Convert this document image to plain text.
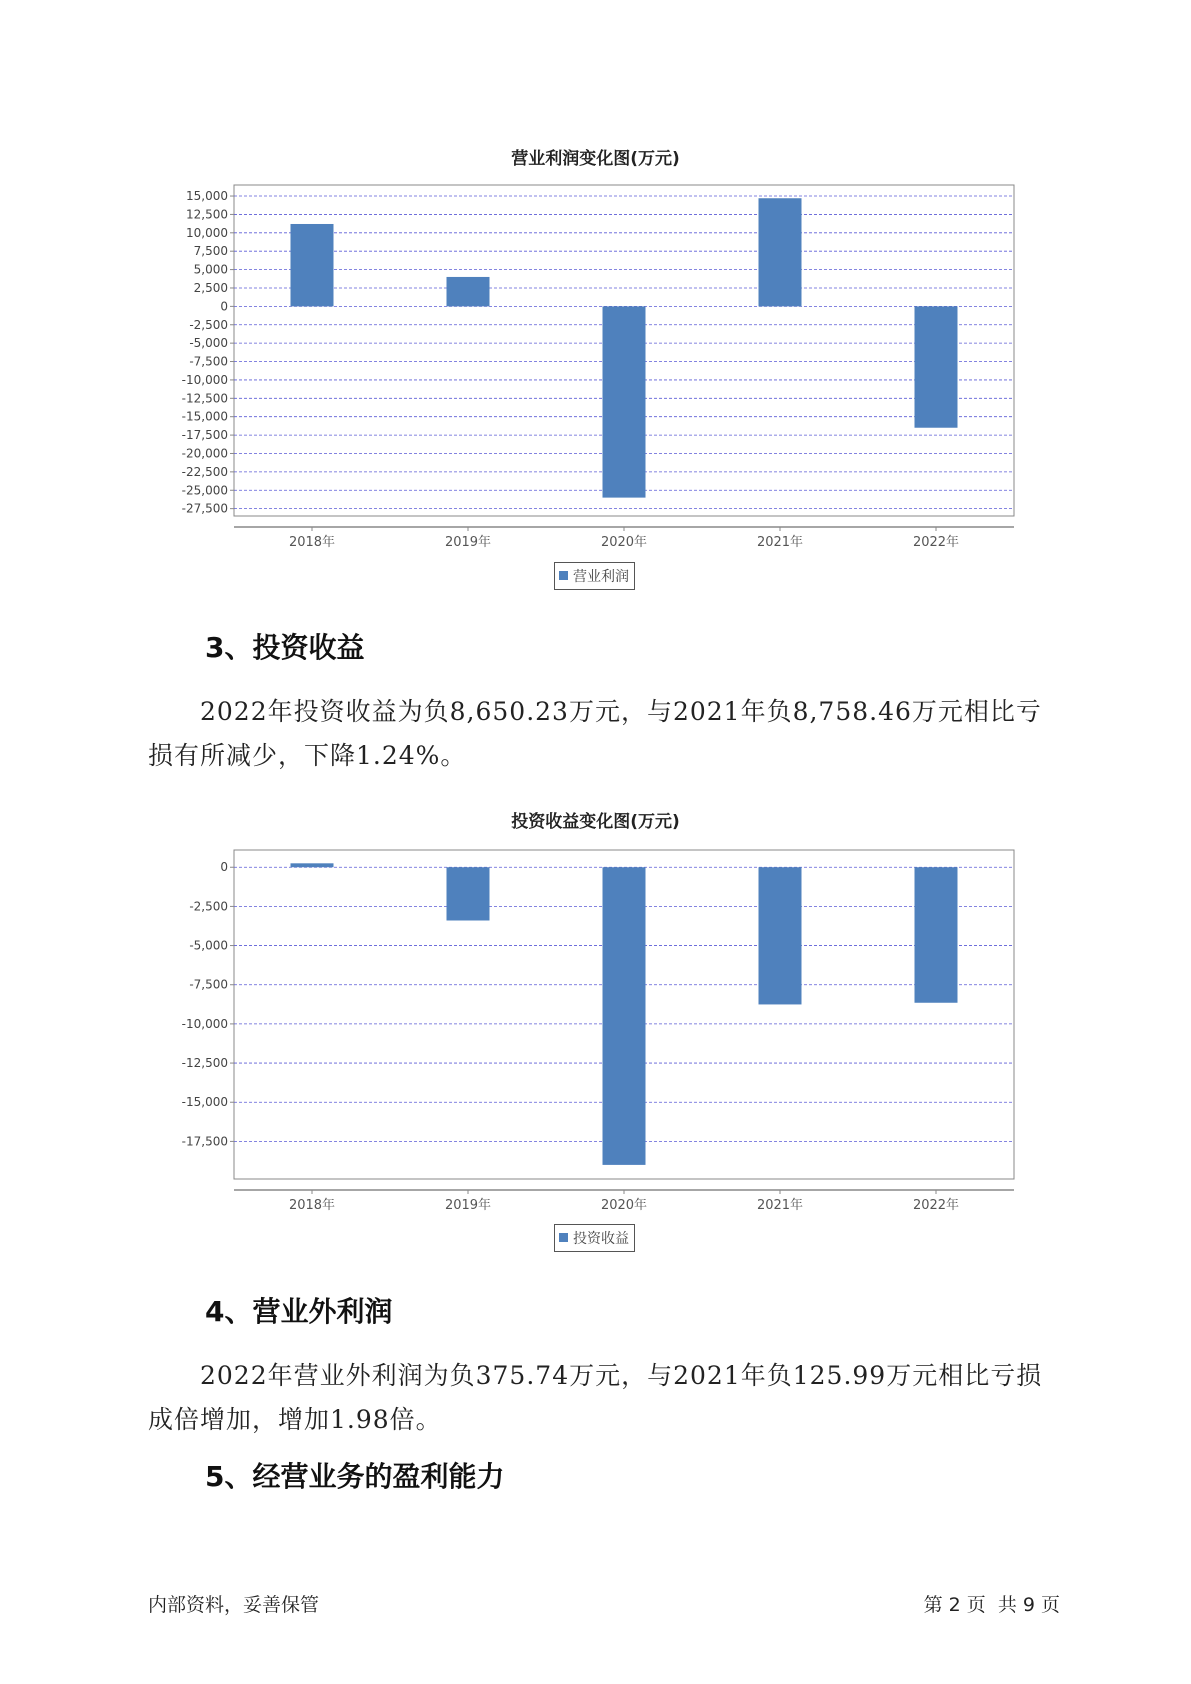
营业利润变化图(万元)
15,000
12,500
10,000
7,500
5,000
2,500
0
-2,500
-5,000
-7,500
-10,000
-12,500
-15,000
-17,500
-20,000
-22,500
-25,000
-27,500
2018年	2019年	2020年	2021年	2022年
营业利润
3、投资收益
2022年投资收益为负8,650.23万元，与2021年负8,758.46万元相比亏损有所减少，下降1.24%。
投资收益变化图(万元)
0
-2,500
-5,000
-7,500
-10,000
-12,500
-15,000
-17,500
2018年	2019年	2020年	2021年	2022年
投资收益
4、营业外利润
2022年营业外利润为负375.74万元，与2021年负125.99万元相比亏损成倍增加，增加1.98倍。
5、经营业务的盈利能力
内部资料，妥善保管	第 2 页  共 9 页
